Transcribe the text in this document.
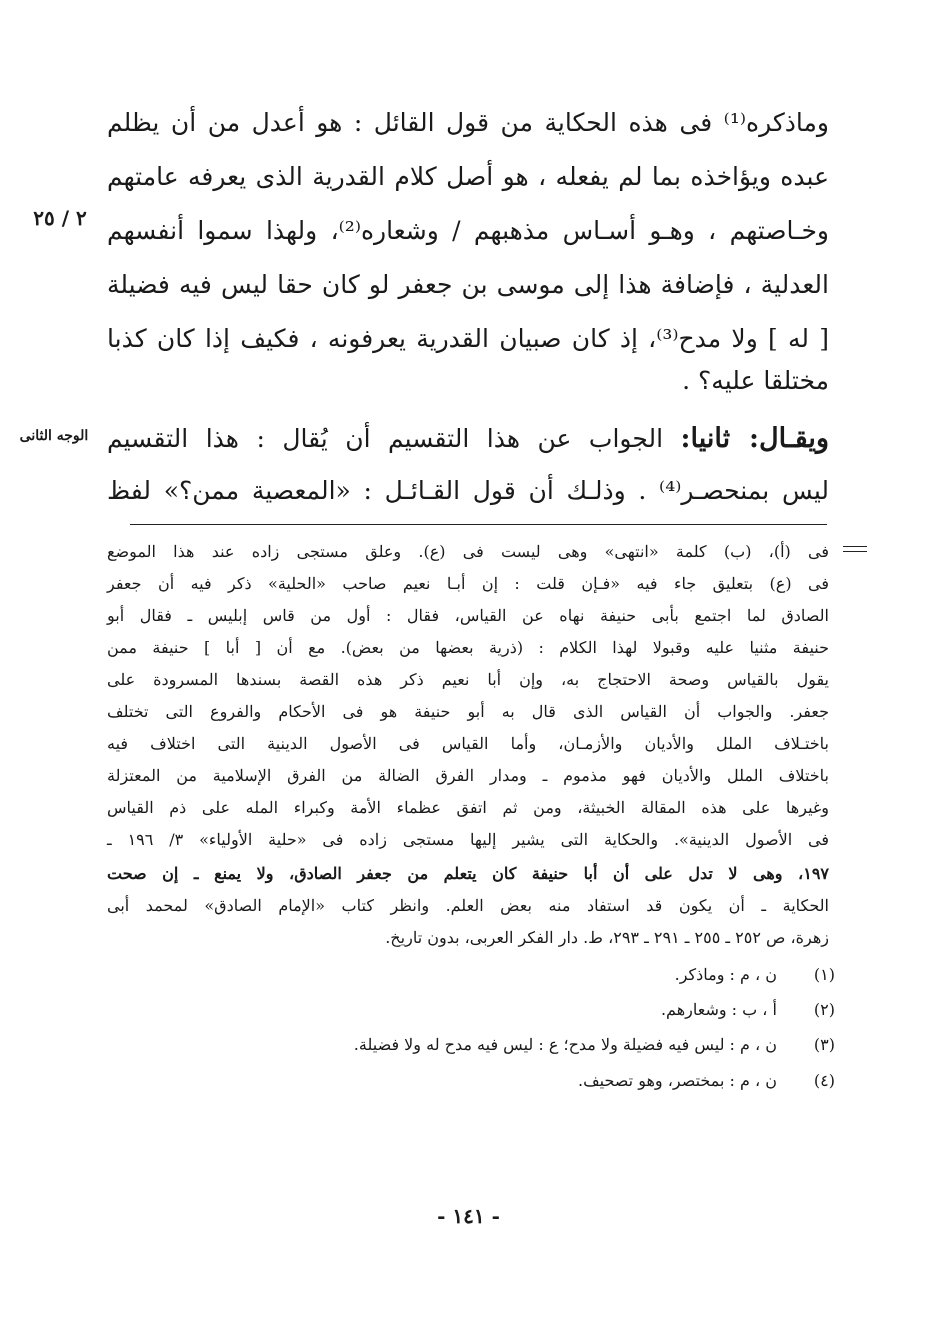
٢ / ٢٥
الوجه الثانى
وماذكره⁽¹⁾ فى هذه الحكاية من قول القائل : هو أعدل من أن يظلم
عبده ويؤاخذه بما لم يفعله ، هو أصل كلام القدرية الذى يعرفه عامتهم
وخـاصتهم ، وهـو أسـاس مذهبهم / وشعاره⁽²⁾، ولهذا سموا أنفسهم
العدلية ، فإضافة هذا إلى موسى بن جعفر لو كان حقا ليس فيه فضيلة
[ له ] ولا مدح⁽³⁾، إذ كان صبيان القدرية يعرفونه ، فكيف إذا كان كذبا
مختلقا عليه؟ .
ويقـال: ثانيا: الجواب عن هذا التقسيم أن يُقال : هذا التقسيم
ليس بمنحصـر⁽⁴⁾ . وذلـك أن قول القـائـل : «المعصية ممن؟» لفظ
فى (أ)، (ب) كلمة «انتهى» وهى ليست فى (ع). وعلق مستجى زاده عند هذا الموضع
فى (ع) بتعليق جاء فيه «فـإن قلت : إن أبـا نعيم صاحب «الحلية» ذكر فيه أن جعفر
الصادق لما اجتمع بأبى حنيفة نهاه عن القياس، فقال : أول من قاس إبليس ـ فقال أبو
حنيفة مثنيا عليه وقبولا لهذا الكلام : (ذرية بعضها من بعض). مع أن [ أبا ] حنيفة ممن
يقول بالقياس وصحة الاحتجاج به، وإن أبا نعيم ذكر هذه القصة بسندها المسرودة على
جعفر. والجواب أن القياس الذى قال به أبو حنيفة هو فى الأحكام والفروع التى تختلف
باختـلاف الملل والأديان والأزمـان، وأما القياس فى الأصول الدينية التى اختلاف فيه
باختلاف الملل والأديان فهو مذموم ـ ومدار الفرق الضالة من الفرق الإسلامية من المعتزلة
وغيرها على هذه المقالة الخبيثة، ومن ثم اتفق عظماء الأمة وكبراء المله على ذم القياس
فى الأصول الدينية». والحكاية التى يشير إليها مستجى زاده فى «حلية الأولياء» ٣/ ١٩٦ ـ
١٩٧، وهى لا تدل على أن أبا حنيفة كان يتعلم من جعفر الصادق، ولا يمنع ـ إن صحت
الحكاية ـ أن يكون قد استفاد منه بعض العلم. وانظر كتاب «الإمام الصادق» لمحمد أبى
زهرة، ص ٢٥٢ ـ ٢٥٥ ـ ٢٩١ ـ ٢٩٣، ط. دار الفكر العربى، بدون تاريخ.
(١)ن ، م : وماذكر.
(٢)أ ، ب : وشعارهم.
(٣)ن ، م : ليس فيه فضيلة ولا مدح؛ ع : ليس فيه مدح له ولا فضيلة.
(٤)ن ، م : بمختصر، وهو تصحيف.
- ١٤١ -
